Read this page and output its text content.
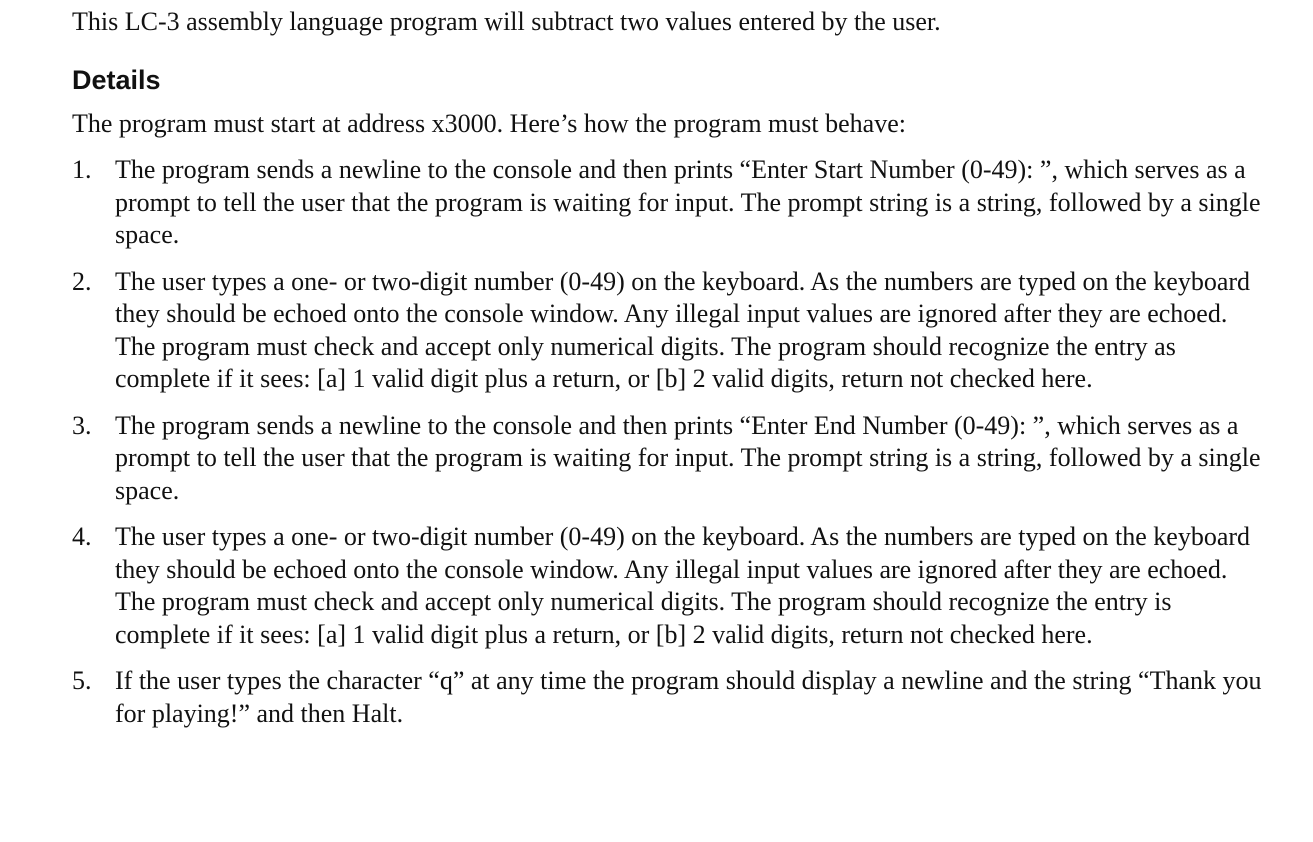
This LC-3 assembly language program will subtract two values entered by the user.

Details

The program must start at address x3000. Here’s how the program must behave:

1. The program sends a newline to the console and then prints “Enter Start Number (0-49): ”, which serves as a prompt to tell the user that the program is waiting for input. The prompt string is a string, followed by a single space.
2. The user types a one- or two-digit number (0-49) on the keyboard. As the numbers are typed on the keyboard they should be echoed onto the console window. Any illegal input values are ignored after they are echoed. The program must check and accept only numerical digits. The program should recognize the entry as complete if it sees: [a] 1 valid digit plus a return, or [b] 2 valid digits, return not checked here.
3. The program sends a newline to the console and then prints “Enter End Number (0-49): ”, which serves as a prompt to tell the user that the program is waiting for input. The prompt string is a string, followed by a single space.
4. The user types a one- or two-digit number (0-49) on the keyboard. As the numbers are typed on the keyboard they should be echoed onto the console window. Any illegal input values are ignored after they are echoed. The program must check and accept only numerical digits. The program should recognize the entry is complete if it sees: [a] 1 valid digit plus a return, or [b] 2 valid digits, return not checked here.
5. If the user types the character “q” at any time the program should display a newline and the string “Thank you for playing!” and then Halt.
